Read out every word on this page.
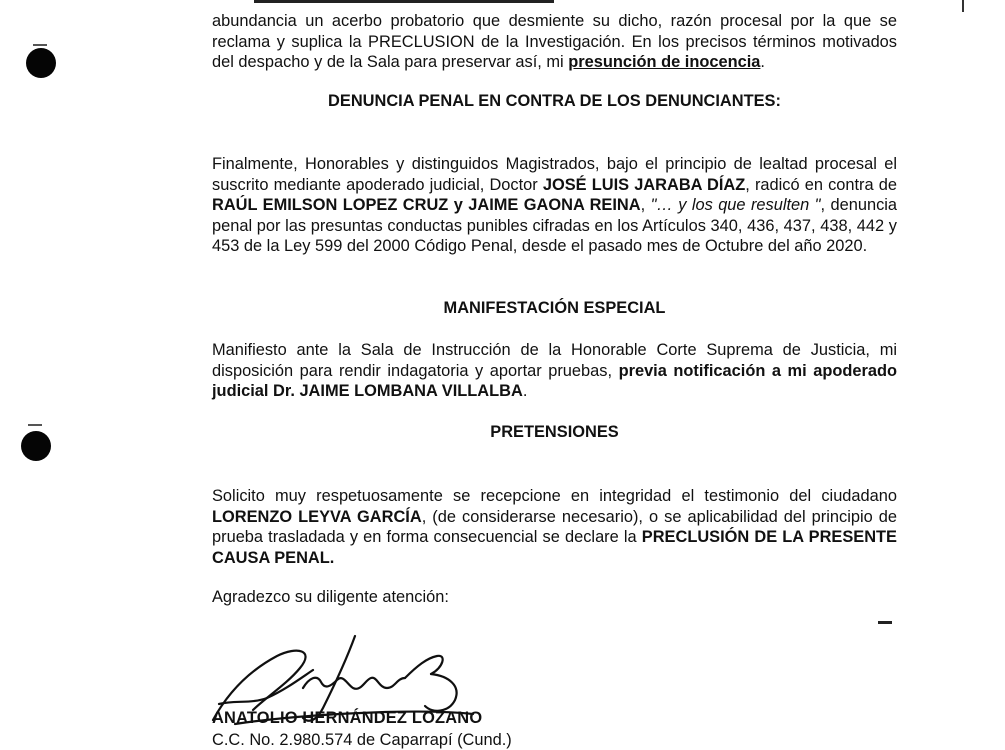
abundancia un acerbo probatorio que desmiente su dicho, razón procesal por la que se reclama y suplica la PRECLUSION de la Investigación. En los precisos términos motivados del despacho y de la Sala para preservar así, mi presunción de inocencia.

DENUNCIA PENAL EN CONTRA DE LOS DENUNCIANTES:

Finalmente, Honorables y distinguidos Magistrados, bajo el principio de lealtad procesal el suscrito mediante apoderado judicial, Doctor JOSÉ LUIS JARABA DÍAZ, radicó en contra de RAÚL EMILSON LOPEZ CRUZ y JAIME GAONA REINA, "… y los que resulten ", denuncia penal por las presuntas conductas punibles cifradas en los Artículos 340, 436, 437, 438, 442 y 453 de la Ley 599 del 2000 Código Penal, desde el pasado mes de Octubre del año 2020.

MANIFESTACIÓN ESPECIAL

Manifiesto ante la Sala de Instrucción de la Honorable Corte Suprema de Justicia, mi disposición para rendir indagatoria y aportar pruebas, previa notificación a mi apoderado judicial Dr. JAIME LOMBANA VILLALBA.

PRETENSIONES

Solicito muy respetuosamente se recepcione en integridad el testimonio del ciudadano LORENZO LEYVA GARCÍA, (de considerarse necesario), o se aplicabilidad del principio de prueba trasladada y en forma consecuencial se declare la PRECLUSIÓN DE LA PRESENTE CAUSA PENAL.

Agradezco su diligente atención:

ANATOLIO HERNÁNDEZ LOZANO
C.C. No. 2.980.574 de Caparrapí (Cund.)
